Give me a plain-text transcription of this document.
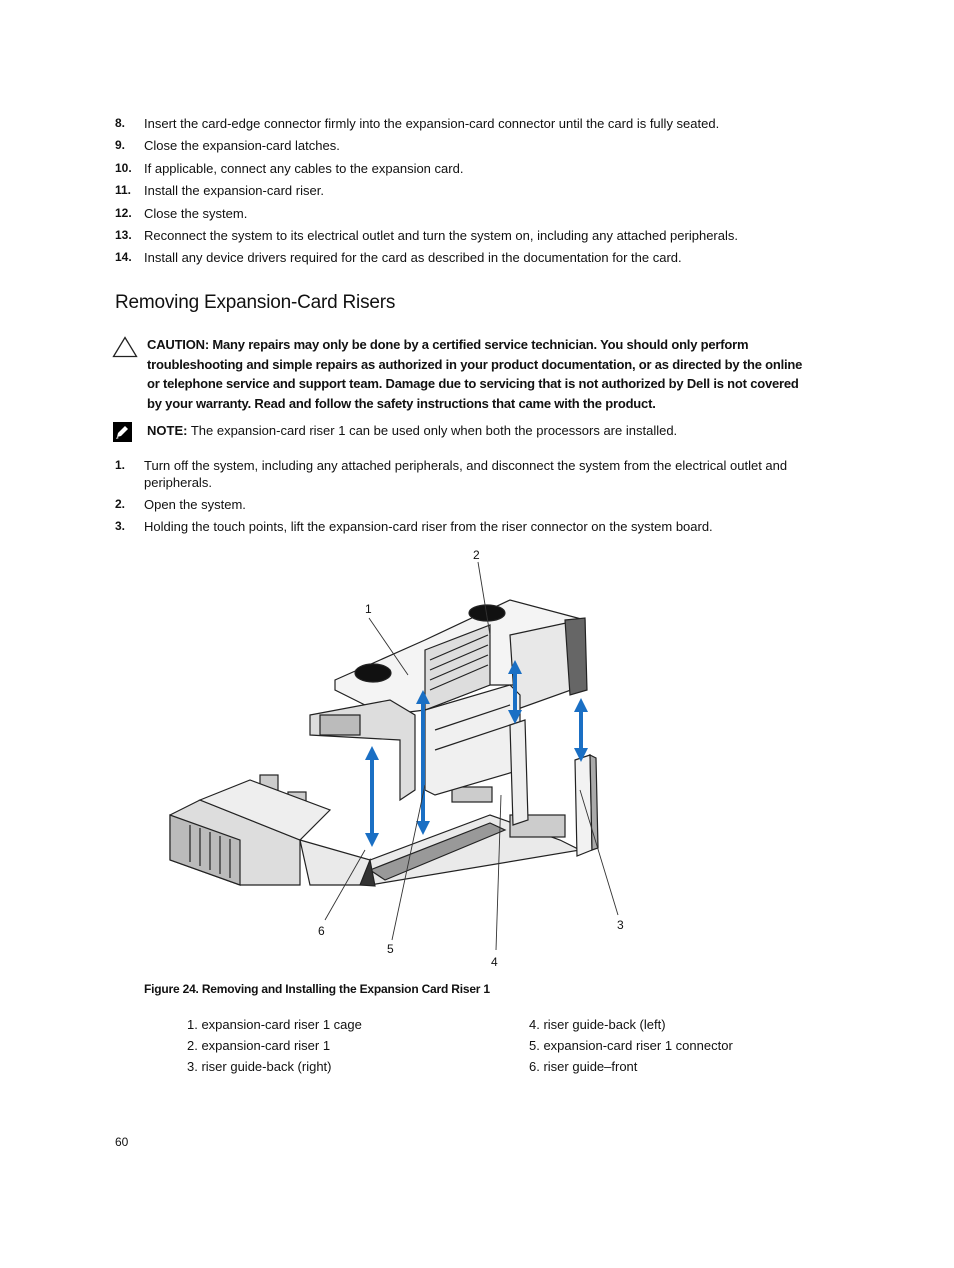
8. Insert the card-edge connector firmly into the expansion-card connector until the card is fully seated.
9. Close the expansion-card latches.
10. If applicable, connect any cables to the expansion card.
11. Install the expansion-card riser.
12. Close the system.
13. Reconnect the system to its electrical outlet and turn the system on, including any attached peripherals.
14. Install any device drivers required for the card as described in the documentation for the card.
Removing Expansion-Card Risers
CAUTION: Many repairs may only be done by a certified service technician. You should only perform troubleshooting and simple repairs as authorized in your product documentation, or as directed by the online or telephone service and support team. Damage due to servicing that is not authorized by Dell is not covered by your warranty. Read and follow the safety instructions that came with the product.
NOTE: The expansion-card riser 1 can be used only when both the processors are installed.
1. Turn off the system, including any attached peripherals, and disconnect the system from the electrical outlet and peripherals.
2. Open the system.
3. Holding the touch points, lift the expansion-card riser from the riser connector on the system board.
1
2
3
4
5
6
Figure 24. Removing and Installing the Expansion Card Riser 1
1. expansion-card riser 1 cage
2. expansion-card riser 1
3. riser guide-back (right)
4. riser guide-back (left)
5. expansion-card riser 1 connector
6. riser guide–front
60
